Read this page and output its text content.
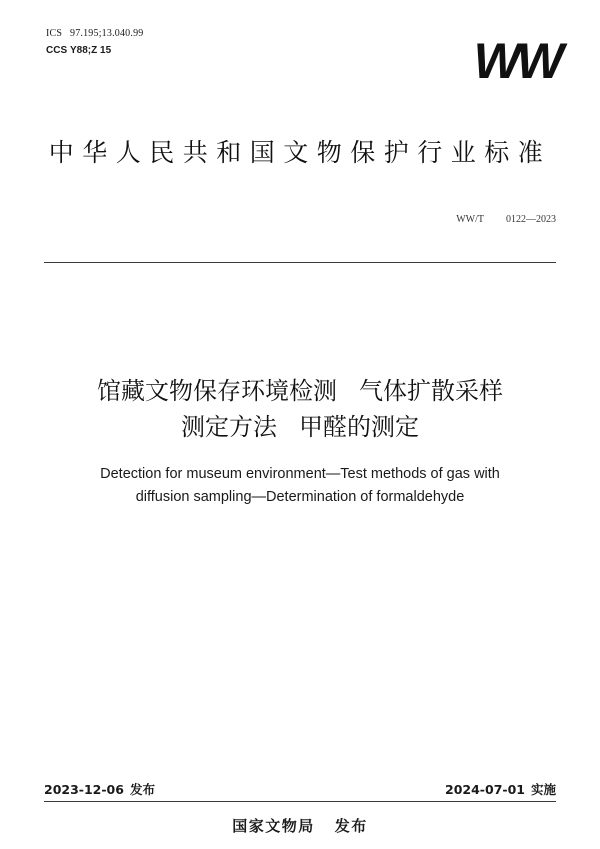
ICS 97.195;13.040.99
CCS Y88;Z 15	WW
中华人民共和国文物保护行业标准
WW/T 0122—2023
馆藏文物保存环境检测 气体扩散采样
测定方法 甲醛的测定
Detection for museum environment—Test methods of gas with
diffusion sampling—Determination of formaldehyde
2023-12-06 发布	2024-07-01 实施
国家文物局 发布
